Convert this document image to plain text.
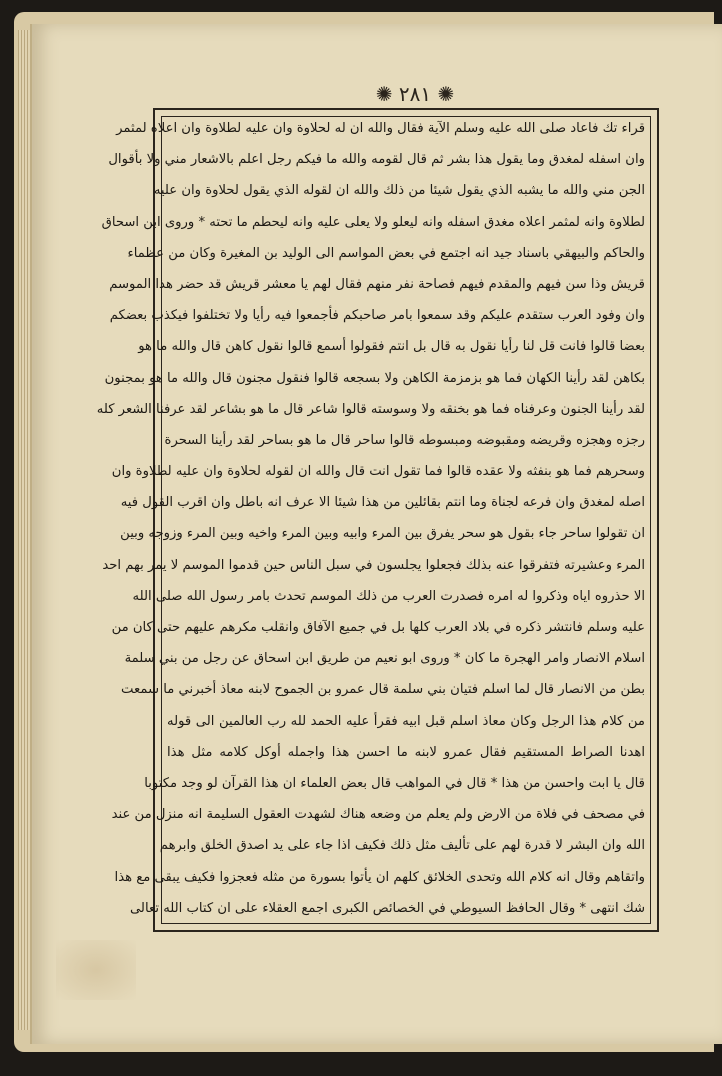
✺ ٢٨١ ✺
قراء تك فاعاد صلى الله عليه وسلم الآية فقال والله ان له لحلاوة وان عليه لطلاوة وان اعلاه لمثمر
وان اسفله لمغدق وما يقول هذا بشر ثم قال لقومه والله ما فيكم رجل اعلم بالاشعار مني ولا بأقوال
الجن مني والله ما يشبه الذي يقول شيئا من ذلك والله ان لقوله الذي يقول لحلاوة وان عليه
لطلاوة وانه لمثمر اعلاه مغدق اسفله وانه ليعلو ولا يعلى عليه وانه ليحطم ما تحته * وروى ابن اسحاق
والحاكم والبيهقي باسناد جيد انه اجتمع في بعض المواسم الى الوليد بن المغيرة وكان من عظماء
قريش وذا سن فيهم والمقدم فيهم فصاحة نفر منهم فقال لهم يا معشر قريش قد حضر هذا الموسم
وان وفود العرب ستقدم عليكم وقد سمعوا بامر صاحبكم فأجمعوا فيه رأيا ولا تختلفوا فيكذب بعضكم
بعضا قالوا فانت قل لنا رأيا نقول به قال بل انتم فقولوا أسمع قالوا نقول كاهن قال والله ما هو
بكاهن لقد رأينا الكهان فما هو بزمزمة الكاهن ولا بسجعه قالوا فنقول مجنون قال والله ما هو بمجنون
لقد رأينا الجنون وعرفناه فما هو بخنقه ولا وسوسته قالوا شاعر قال ما هو بشاعر لقد عرفنا الشعر كله
رجزه وهجزه وقريضه ومقبوضه ومبسوطه قالوا ساحر قال ما هو بساحر لقد رأينا السحرة
وسحرهم فما هو بنفثه ولا عقده قالوا فما تقول انت قال والله ان لقوله لحلاوة وان عليه لطلاوة وان
اصله لمغدق وان فرعه لجناة وما انتم بقائلين من هذا شيئا الا عرف انه باطل وان اقرب القول فيه
ان تقولوا ساحر جاء بقول هو سحر يفرق بين المرء وابيه وبين المرء واخيه وبين المرء وزوجه وبين
المرء وعشيرته فتفرقوا عنه بذلك فجعلوا يجلسون في سبل الناس حين قدموا الموسم لا يمر بهم احد
الا حذروه اياه وذكروا له امره فصدرت العرب من ذلك الموسم تحدث بامر رسول الله صلى الله
عليه وسلم فانتشر ذكره في بلاد العرب كلها بل في جميع الآفاق وانقلب مكرهم عليهم حتى كان من
اسلام الانصار وامر الهجرة ما كان * وروى ابو نعيم من طريق ابن اسحاق عن رجل من بني سلمة
بطن من الانصار قال لما اسلم فتيان بني سلمة قال عمرو بن الجموح لابنه معاذ أخبرني ما سمعت
من كلام هذا الرجل وكان معاذ اسلم قبل ابيه فقرأ عليه الحمد لله رب العالمين الى قوله
اهدنا الصراط المستقيم فقال عمرو لابنه ما احسن هذا واجمله أوكل كلامه مثل هذا
قال يا ابت واحسن من هذا * قال في المواهب قال بعض العلماء ان هذا القرآن لو وجد مكتوبا
في مصحف في فلاة من الارض ولم يعلم من وضعه هناك لشهدت العقول السليمة انه منزل من عند
الله وان البشر لا قدرة لهم على تأليف مثل ذلك فكيف اذا جاء على يد اصدق الخلق وابرهم
واتقاهم وقال انه كلام الله وتحدى الخلائق كلهم ان يأتوا بسورة من مثله فعجزوا فكيف يبقى مع هذا
شك انتهى * وقال الحافظ السيوطي في الخصائص الكبرى اجمع العقلاء على ان كتاب الله تعالى
